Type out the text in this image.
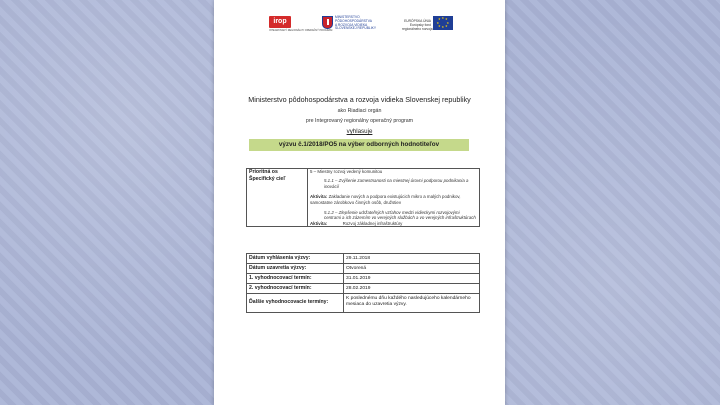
irop
INTEGROVANÝ REGIONÁLNY OPERAČNÝ PROGRAM
MINISTERSTVO
PÔDOHOSPODÁRSTVA
A ROZVOJA VIDIEKA
SLOVENSKEJ REPUBLIKY
EURÓPSKA ÚNIA
Európsky fond
regionálneho rozvoja
★ ★
★
★
★
★
★
★
Ministerstvo pôdohospodárstva a rozvoja vidieka Slovenskej republiky
ako Riadiaci orgán
pre Integrovaný regionálny operačný program
vyhlasuje
výzvu č.1/2018/PO5 na výber odborných hodnotiteľov
Prioritná os
Špecifický cieľ

5 – Miestny rozvoj vedený komunitou
5.1.1 – Zvýšenie zamestnanosti na miestnej úrovni podporou podnikania a inovácií
Aktivita: Zakladanie nových a podpora existujúcich mikro a malých podnikov, samostatne zárobkovo činných osôb, družstiev
5.1.2 – Zlepšenie udržateľných vzťahov medzi vidieckymi rozvojovými centrami a ich zázemím vo verejných službách a vo verejných infraštruktúrach
Aktivita:	Rozvoj základnej infraštruktúry
Dátum vyhlásenia výzvy:	29.11.2018
Dátum uzavretia výzvy:	Otvorená
1. vyhodnocovací termín:	31.01.2019
2. vyhodnocovací termín:	28.02.2019
Ďalšie vyhodnocovacie termíny:	K poslednému dňu každého nasledujúceho kalendárneho mesiaca do uzavretia výzvy.
